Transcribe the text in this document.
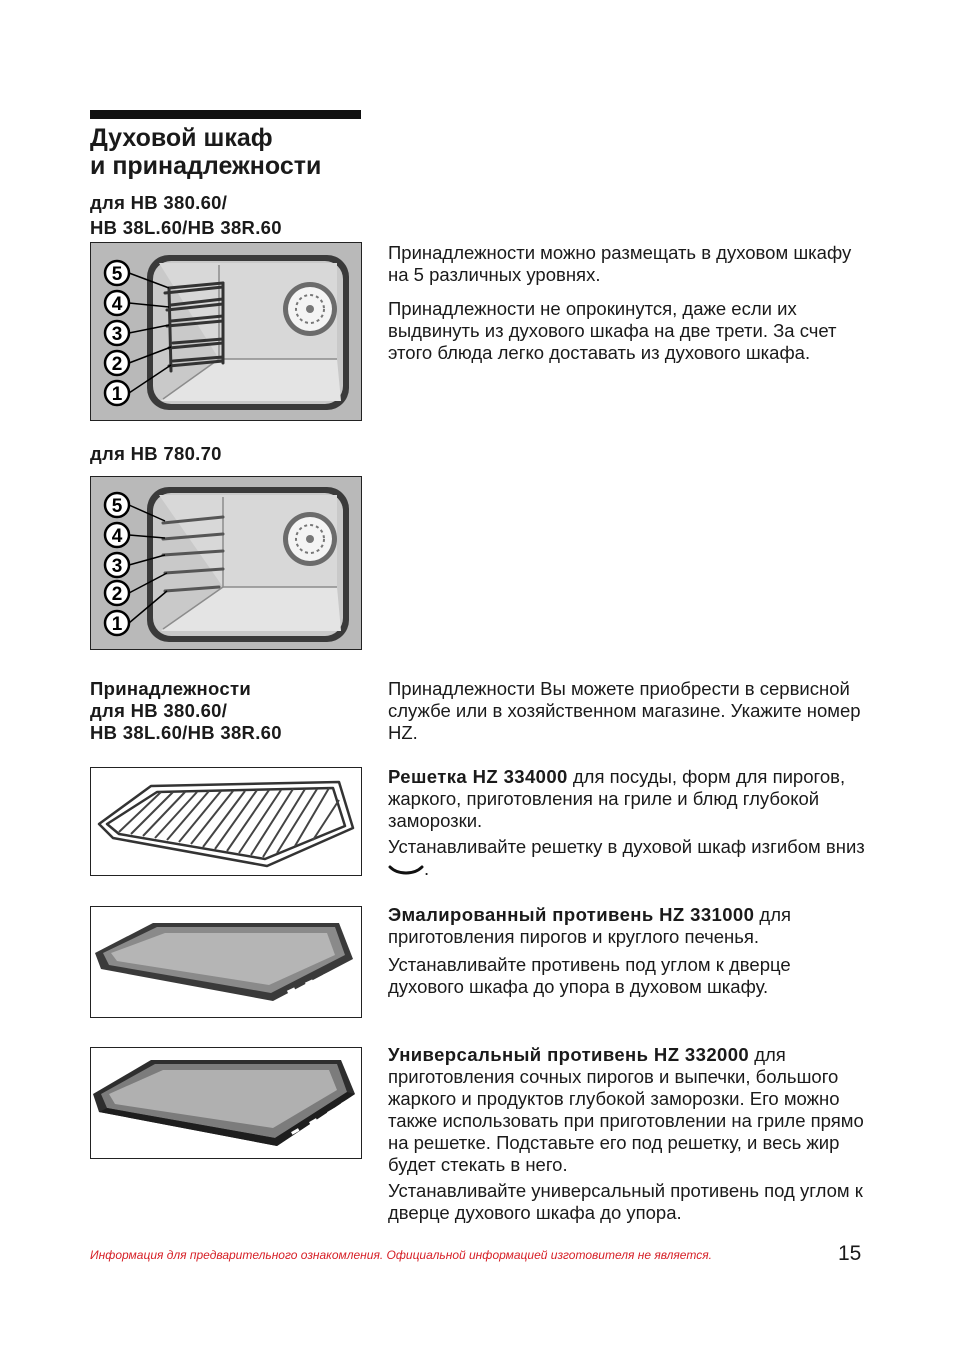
Духовой шкаф
и принадлежности
для HB 380.60/
HB 38L.60/HB 38R.60
5
4
3
2
1

Принадлежности можно размещать в духовом шкафу на 5 различных уровнях.

Принадлежности не опрокинутся, даже если их выдвинуть из духового шкафа на две трети. За счет этого блюда легко доставать из духового шкафа.

для HB 780.70
5
4
3
2
1
Принадлежности
для HB 380.60/
HB 38L.60/HB 38R.60

Принадлежности Вы можете приобрести в сервисной службе или в хозяйственном магазине. Укажите номер HZ.

Решетка HZ 334000 для посуды, форм для пирогов, жаркого, приготовления на гриле и блюд глубокой заморозки.
Устанавливайте решетку в духовой шкаф изгибом вниз .
Эмалированный противень HZ 331000 для приготовления пирогов и круглого печенья.

Устанавливайте противень под углом к дверце духового шкафа до упора в духовом шкафу.

Универсальный противень HZ 332000 для приготовления сочных пирогов и выпечки, большого жаркого и продуктов глубокой заморозки. Его можно также использовать при приготовлении на гриле прямо на решетке. Подставьте его под решетку, и весь жир будет стекать в него.

Устанавливайте универсальный противень под углом к дверце духового шкафа до упора.

Информация для предварительного ознакомления. Официальной информацией изготовителя не является.	15
